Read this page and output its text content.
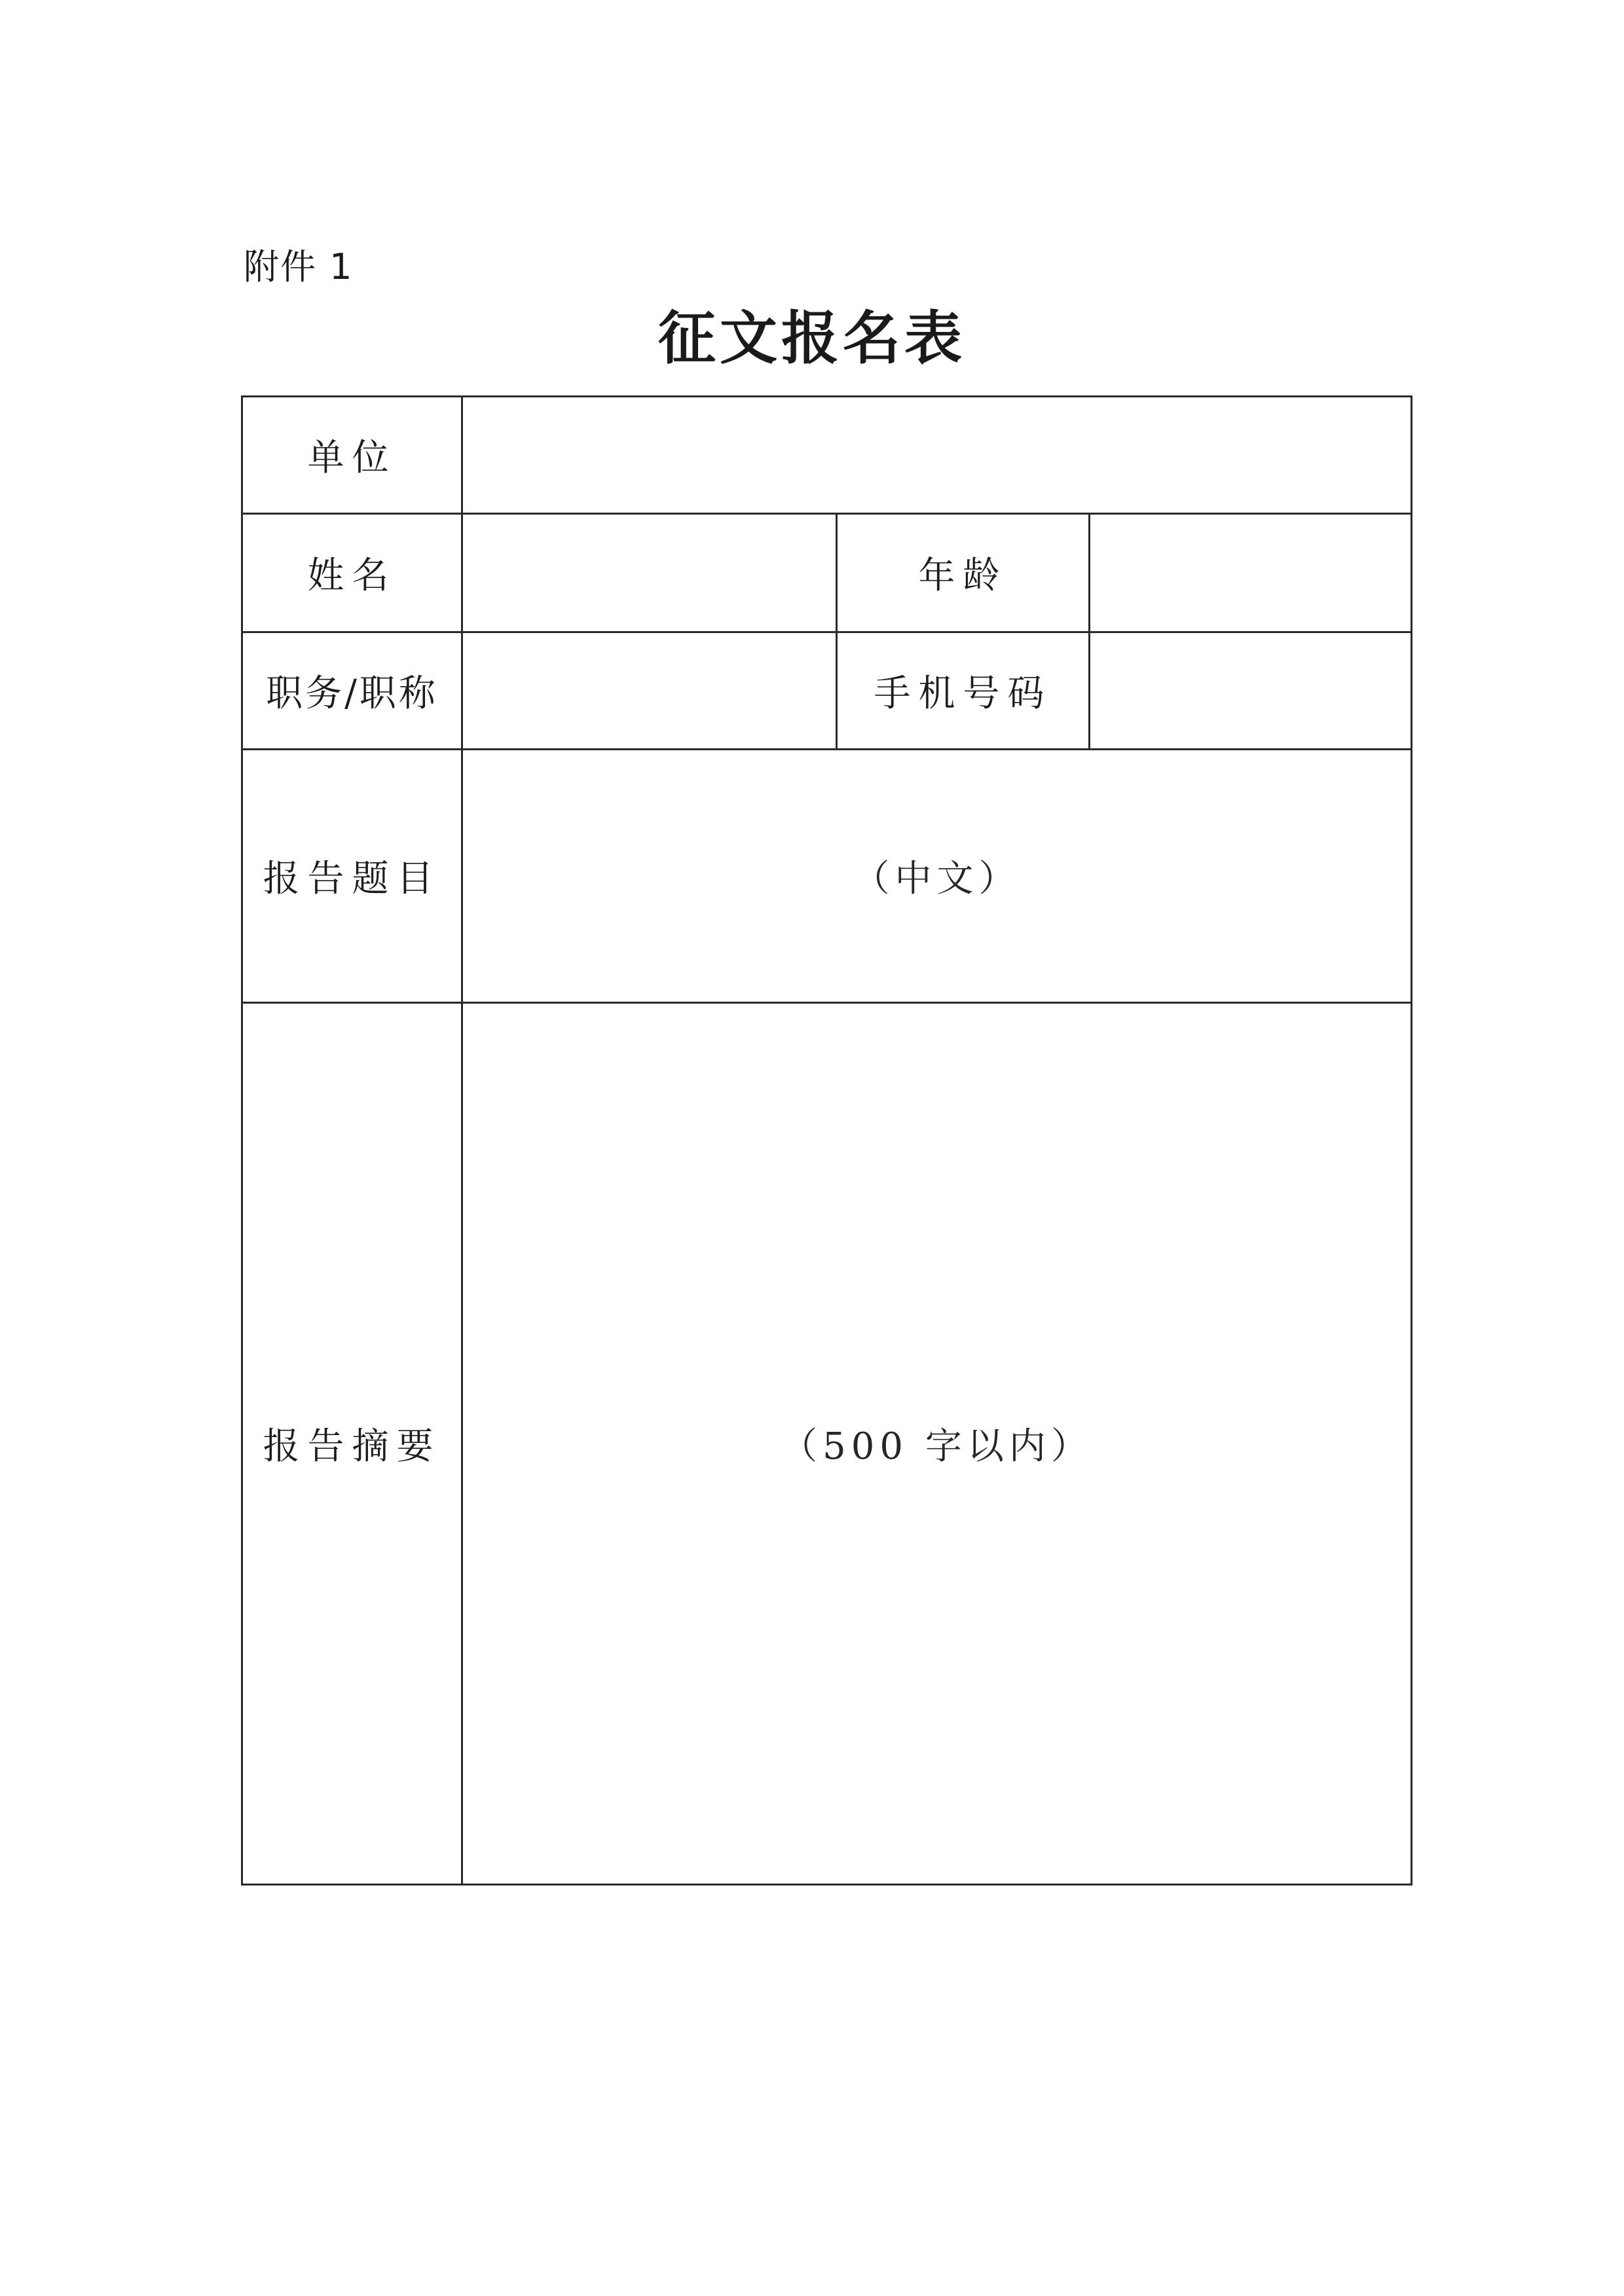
附件 1
征文报名表
单位			
姓名		年龄	
职务/职称		手机号码	
报告题目	（中文）		
报告摘要	（500 字以内）		
